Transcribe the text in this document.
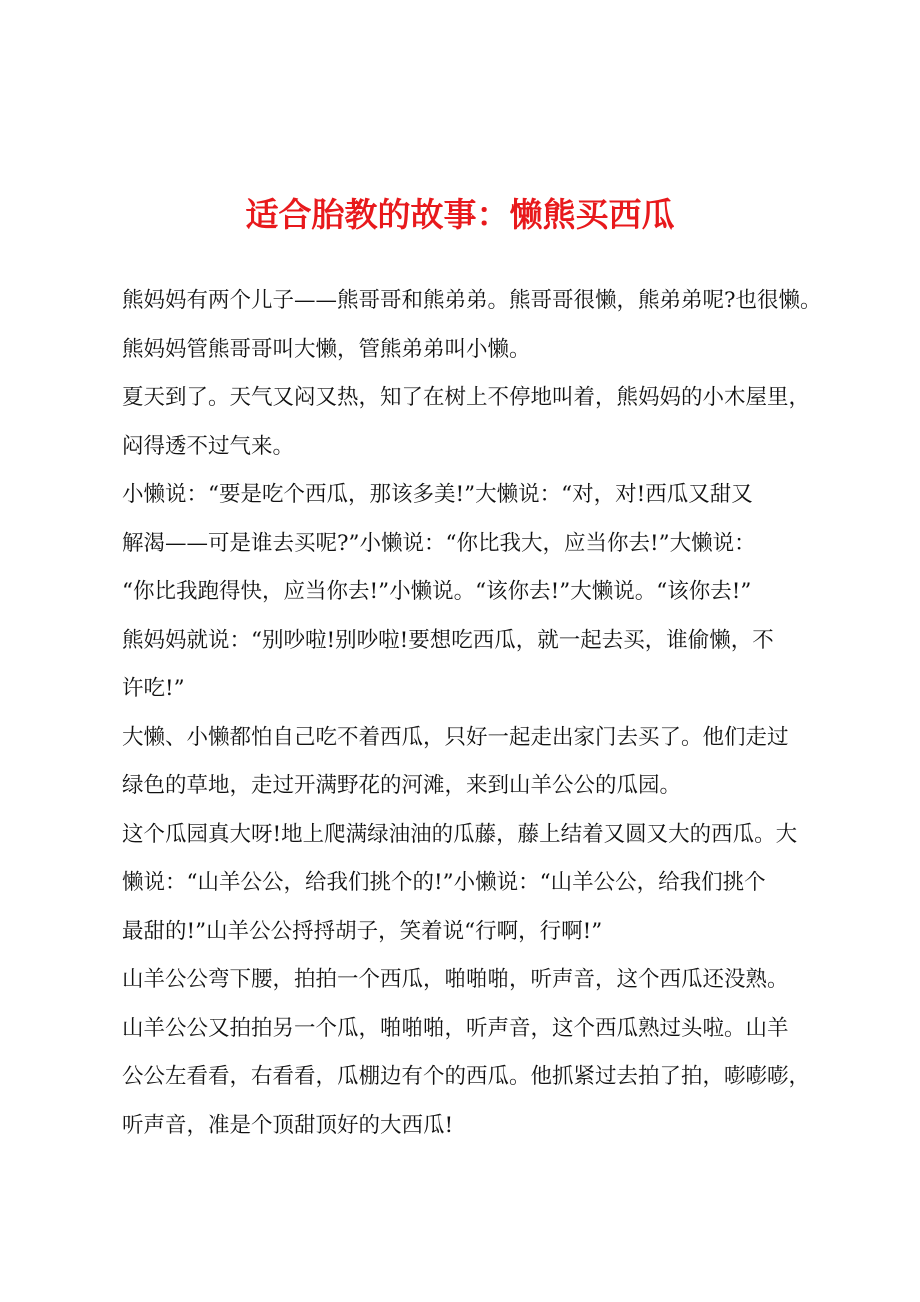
适合胎教的故事：懒熊买西瓜
熊妈妈有两个儿子——熊哥哥和熊弟弟。熊哥哥很懒，熊弟弟呢?也很懒。
熊妈妈管熊哥哥叫大懒，管熊弟弟叫小懒。
夏天到了。天气又闷又热，知了在树上不停地叫着，熊妈妈的小木屋里，
闷得透不过气来。
小懒说：“要是吃个西瓜，那该多美!”大懒说：“对，对!西瓜又甜又
解渴——可是谁去买呢?”小懒说：“你比我大，应当你去!”大懒说：
“你比我跑得快，应当你去!”小懒说。“该你去!”大懒说。“该你去!”
熊妈妈就说：“别吵啦!别吵啦!要想吃西瓜，就一起去买，谁偷懒，不
许吃!”
大懒、小懒都怕自己吃不着西瓜，只好一起走出家门去买了。他们走过
绿色的草地，走过开满野花的河滩，来到山羊公公的瓜园。
这个瓜园真大呀!地上爬满绿油油的瓜藤，藤上结着又圆又大的西瓜。大
懒说：“山羊公公，给我们挑个的!”小懒说：“山羊公公，给我们挑个
最甜的!”山羊公公捋捋胡子，笑着说“行啊，行啊!”
山羊公公弯下腰，拍拍一个西瓜，啪啪啪，听声音，这个西瓜还没熟。
山羊公公又拍拍另一个瓜，啪啪啪，听声音，这个西瓜熟过头啦。山羊
公公左看看，右看看，瓜棚边有个的西瓜。他抓紧过去拍了拍，嘭嘭嘭，
听声音，准是个顶甜顶好的大西瓜!
